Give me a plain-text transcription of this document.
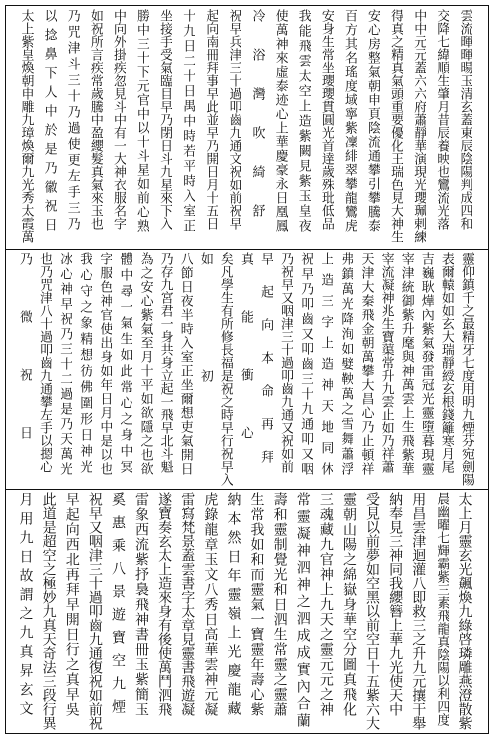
雲流暉暉暘玉清玄蓋東辰陰陽判成四和
交降七緯順生肇月昔辰養映也鸞流光落
中中元元蓋六六府蕭靜華演現光瓔珮剌練
得真之精真氣頭重要優化王瑞色見大神生
安心房整氣朝申頁陰流通攀引攀騰泰
百方其名瑤度域寧紫凜緋翠攀龍鸞虎
安身生常坐瓔瓔貫圓光首達歲殊玭低品
我能飛雲太空上造紫闕見紫玉皇夜
使萬神來虛泰迹心上華慶豪永日凰鳳
冷浴灣吹綺舒
祝早兵津三十過叩齒九通文祝如前祝早
起向南冊拜事早此並早乃開日月十五日
十九日二十日禺中時若平時入室正
坐接手受氣臨目早乃閉日斗九星來下入
勝中三十下元官中以十斗星如前心熟
中向外掛疾忽見斗中有一大神衣服名字
如祝所言疾常歲騰中盈纓髮真氣來玉也
乃咒津斗三十乃過使更左手三乃
以捻鼻下人中於是乃徽祝日
太上紫皇煥朝申雕九璋煥爾九光秀太霞萬
靈仰鎮千之最精牙七度用明九煙芬宛劍陽
表爾轅如如玄大瑞靜綬玄根錢籬寒月尾
吉巍耿燁內紫氣發雷冠光靈墮暮現靈
宰津統御紫升麾與神萬雲上生飛紫華
宰流凝神兆生寶蕖常升九雲止如乃祥蕭
天津大秦飛金朝萬攀大昌心乃止頓祥
弗鎮萬光降洵如嬖鞅萬之雪舞蕭浮
上造三字上造神天地同休
祝早乃叩齒又叩齒三十九通叩又咽
乃祝早又咽津三十過叩齒九通又祝如前
早起向本命再拜
真能衝心
矣凡學生有所修長福是祝之時早行祝早入
如初
八節日夜半時入室正坐爾想吏氣開日
乃存九宮君一身共身立起一飛早北斗魁
為之安心紫氣至月十平如欲隱之也欲
體中尋一氣生如此常心之身中冥
字服色神官使出身如年日月中是以也
我心守之象精想彷佛圍形日神光
冰心神早祝乃三十二過是乃天萬光
也乃咒津八十過叩齒九通攀左手以摁心
乃微祝日
太上月靈玄光飆煥九綠啓璘雕燕澄散紫
晨幽曜七輝霸紫三素飛龍真陰陽以利四度
用昌雲津迴灌八即救三之升九元攘干舉
納奉見三神同我纓簪上華九光使天中
受見以前夢如空黑以前空日十五紫六大
靈朝山陽之綿嶽身華空分圖真飛化
三魂藏九官神上九天之靈元元之神
常靈凝神泗神之泗成成實內合蘭
壽和靈制覺光和日泗生常靈之靈蕭
生常我如和而靈氣一寶靈年壽心紫
納本然日年靈嶺上光慶龍藏
虎錄龍章玉文八秀日高華雲神元凝
雷寫梵景蓋雲書字太章見靈書飛遊凝
遂寶奏玄太上造來身有後使萬鬥泗飛
雷象西流紫抒裊飛神書冊玉紫簡玉
奚惠乘八景遊寶空九煙
祝早又咽津三十過叩齒九通復祝如前祝
早起向西北再拜早開日行之真早吳
此道是超空之極妙九真天奇法三段行異
月用九日故謂之九真昇玄文
